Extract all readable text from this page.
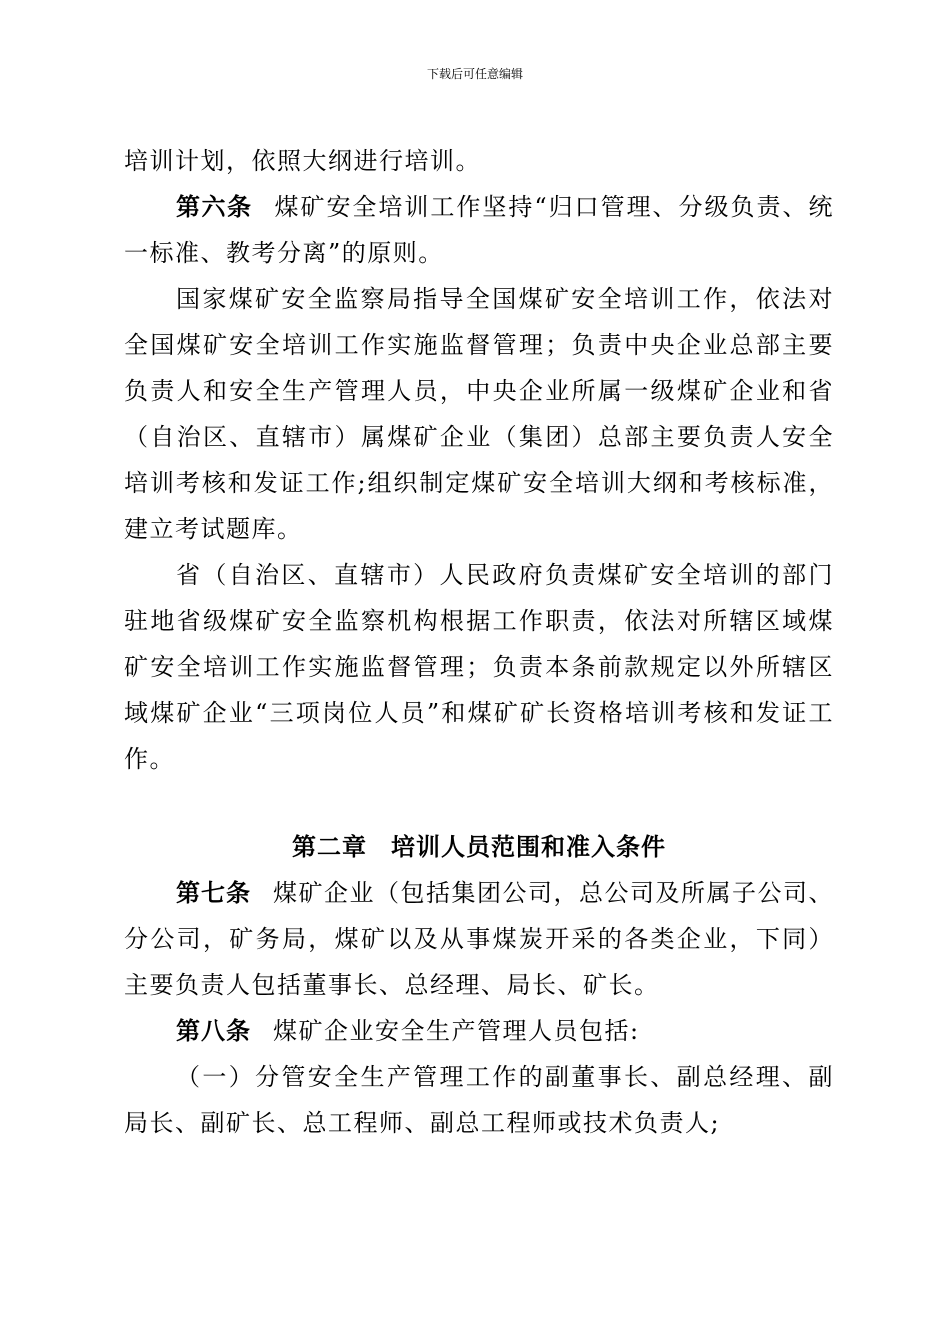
下载后可任意编辑

培训计划，依照大纲进行培训。

第六条 煤矿安全培训工作坚持“归口管理、分级负责、统一标准、教考分离”的原则。

国家煤矿安全监察局指导全国煤矿安全培训工作，依法对全国煤矿安全培训工作实施监督管理；负责中央企业总部主要负责人和安全生产管理人员，中央企业所属一级煤矿企业和省（自治区、直辖市）属煤矿企业（集团）总部主要负责人安全培训考核和发证工作;组织制定煤矿安全培训大纲和考核标准，建立考试题库。

省（自治区、直辖市）人民政府负责煤矿安全培训的部门驻地省级煤矿安全监察机构根据工作职责，依法对所辖区域煤矿安全培训工作实施监督管理；负责本条前款规定以外所辖区域煤矿企业“三项岗位人员”和煤矿矿长资格培训考核和发证工作。

第二章 培训人员范围和准入条件

第七条 煤矿企业（包括集团公司，总公司及所属子公司、分公司，矿务局，煤矿以及从事煤炭开采的各类企业，下同）主要负责人包括董事长、总经理、局长、矿长。

第八条 煤矿企业安全生产管理人员包括:

（一）分管安全生产管理工作的副董事长、副总经理、副局长、副矿长、总工程师、副总工程师或技术负责人;
